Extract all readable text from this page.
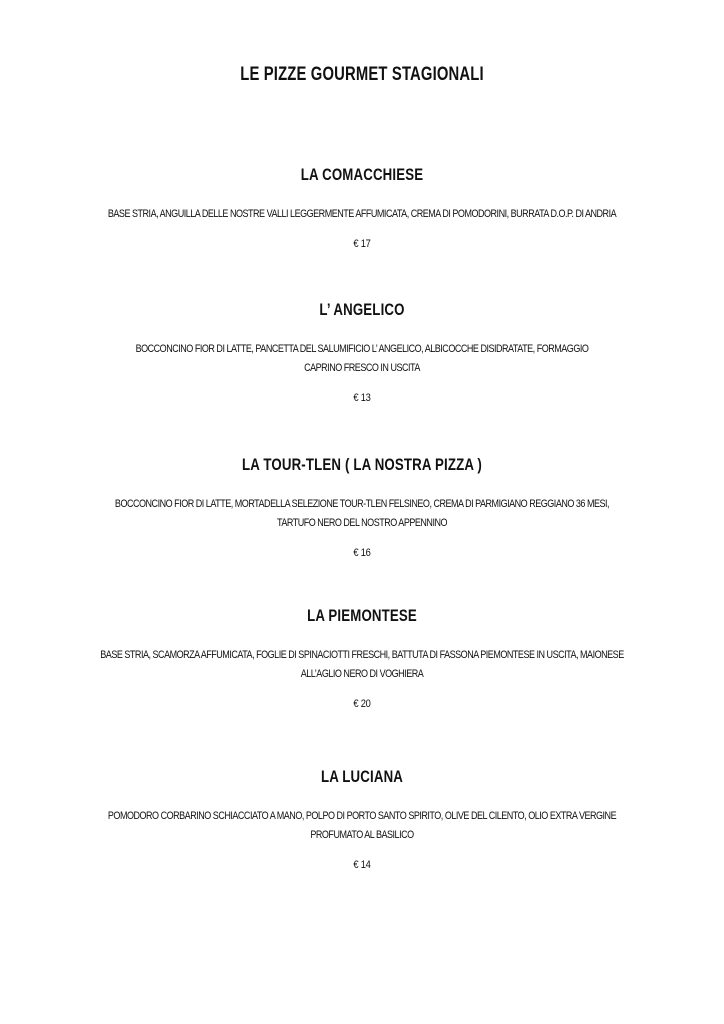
LE PIZZE GOURMET STAGIONALI
LA COMACCHIESE
BASE STRIA, ANGUILLA DELLE NOSTRE VALLI LEGGERMENTE AFFUMICATA, CREMA DI POMODORINI, BURRATA D.O.P. DI ANDRIA
€ 17
L’ ANGELICO
BOCCONCINO FIOR DI LATTE, PANCETTA DEL SALUMIFICIO L’ ANGELICO, ALBICOCCHE DISIDRATATE, FORMAGGIO CAPRINO FRESCO IN USCITA
€ 13
LA TOUR-TLEN ( LA NOSTRA PIZZA )
BOCCONCINO FIOR DI LATTE, MORTADELLA SELEZIONE TOUR-TLEN FELSINEO, CREMA DI PARMIGIANO REGGIANO 36 MESI, TARTUFO NERO DEL NOSTRO APPENNINO
€ 16
LA PIEMONTESE
BASE STRIA, SCAMORZA AFFUMICATA, FOGLIE DI SPINACIOTTI FRESCHI, BATTUTA DI FASSONA PIEMONTESE IN USCITA, MAIONESE ALL’AGLIO NERO DI VOGHIERA
€ 20
LA LUCIANA
POMODORO CORBARINO SCHIACCIATO A MANO, POLPO DI PORTO SANTO SPIRITO, OLIVE DEL CILENTO, OLIO EXTRA VERGINE PROFUMATO AL BASILICO
€ 14
